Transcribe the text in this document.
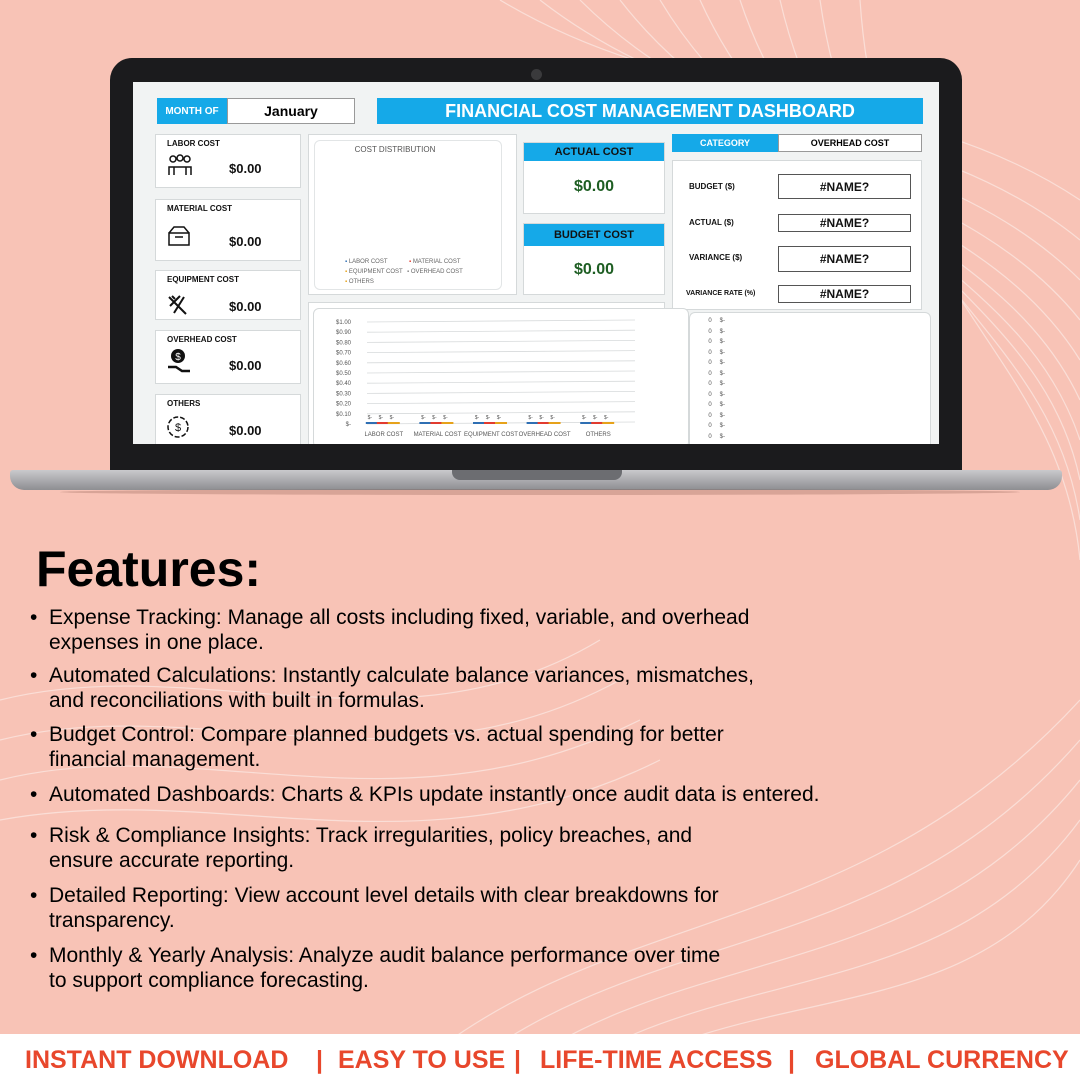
MONTH OF	January	FINANCIAL COST MANAGEMENT DASHBOARD
LABOR COST
$0.00
MATERIAL COST
$0.00
EQUIPMENT COST
$0.00
OVERHEAD COST
$
$0.00
OTHERS
$	$0.00
COST DISTRIBUTION
▪ LABOR COST	▪ MATERIAL COST
▪ EQUIPMENT COST ▪ OVERHEAD COST
▪ OTHERS
ACTUAL COST
$0.00
BUDGET COST
$0.00
CATEGORY	OVERHEAD COST
BUDGET ($)	#NAME?
ACTUAL ($)	#NAME?
VARIANCE ($)	#NAME?
VARIANCE RATE (%)	#NAME?
$1.00
$0.90
$0.80
$0.70
$0.60
$0.50
$0.40
$0.30
$0.20
$0.10
$-
$- $- $-
LABOR COST
$- $- $-
MATERIAL COST
$- $- $-
EQUIPMENT COST
$- $- $-
OVERHEAD COST
$- $- $-
OTHERS
0 $-
0 $-
0 $-
0 $-
0 $-
0 $-
0 $-
0 $-
0 $-
0 $-
0 $-
0 $-
Features:
• Expense Tracking: Manage all costs including fixed, variable, and overhead
expenses in one place.
• Automated Calculations: Instantly calculate balance variances, mismatches,
and reconciliations with built in formulas.
• Budget Control: Compare planned budgets vs. actual spending for better
financial management.
• Automated Dashboards: Charts & KPIs update instantly once audit data is entered.
• Risk & Compliance Insights: Track irregularities, policy breaches, and
ensure accurate reporting.
• Detailed Reporting: View account level details with clear breakdowns for
transparency.
• Monthly & Yearly Analysis: Analyze audit balance performance over time
to support compliance forecasting.
INSTANT DOWNLOAD | EASY TO USE | LIFE-TIME ACCESS | GLOBAL CURRENCY
